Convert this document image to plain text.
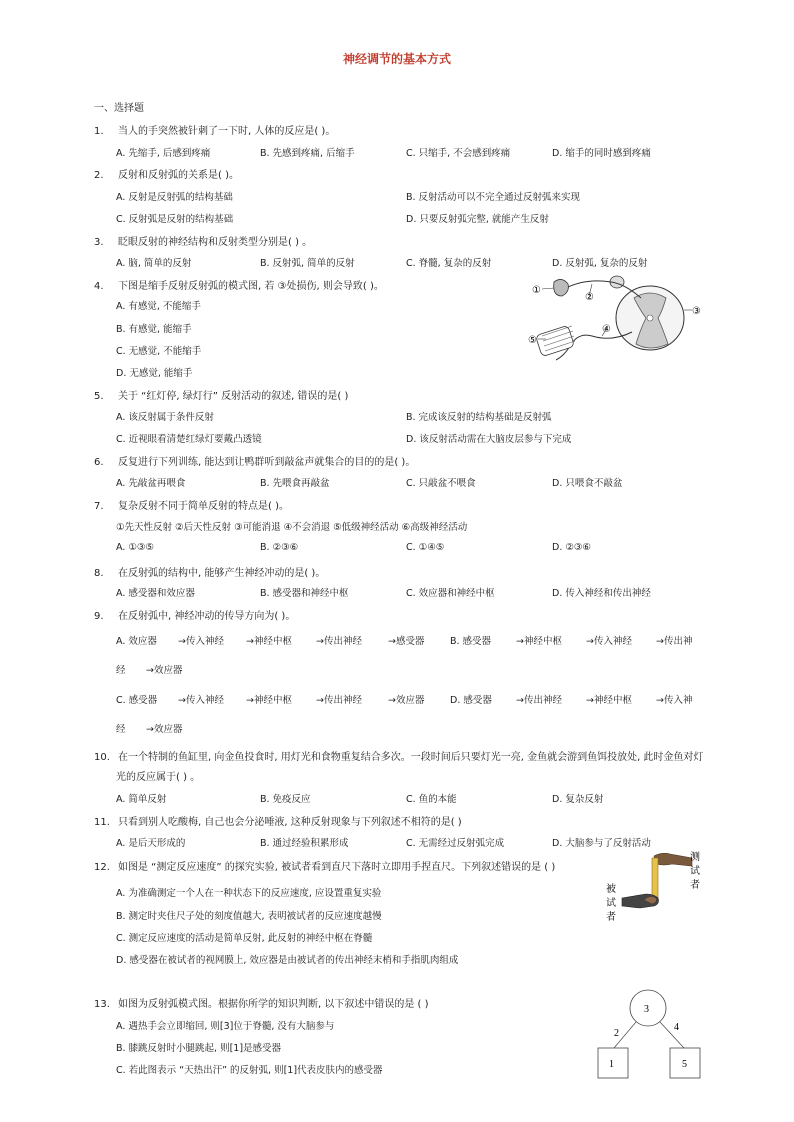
神经调节的基本方式
一、选择题
1. 当人的手突然被针刺了一下时, 人体的反应是( )。
A. 先缩手, 后感到疼痛	B. 先感到疼痛, 后缩手	C. 只缩手, 不会感到疼痛	D. 缩手的同时感到疼痛
2. 反射和反射弧的关系是( )。
A. 反射是反射弧的结构基础	B. 反射活动可以不完全通过反射弧来实现
C. 反射弧是反射的结构基础	D. 只要反射弧完整, 就能产生反射
3. 眨眼反射的神经结构和反射类型分别是( ) 。
A. 脑, 简单的反射	B. 反射弧, 简单的反射	C. 脊髓, 复杂的反射	D. 反射弧, 复杂的反射
4. 下图是缩手反射反射弧的模式图, 若 ③处损伤, 则会导致( )。
A. 有感觉, 不能缩手
B. 有感觉, 能缩手
C. 无感觉, 不能缩手
D. 无感觉, 能缩手
①
②
③
④
⑤
5. 关于 “红灯停, 绿灯行” 反射活动的叙述, 错误的是( )
A. 该反射属于条件反射	B. 完成该反射的结构基础是反射弧
C. 近视眼看清楚红绿灯要戴凸透镜	D. 该反射活动需在大脑皮层参与下完成
6. 反复进行下列训练, 能达到让鸭群听到敲盆声就集合的目的的是( )。
A. 先敲盆再喂食	B. 先喂食再敲盆	C. 只敲盆不喂食	D. 只喂食不敲盆
7. 复杂反射不同于简单反射的特点是( )。
①先天性反射 ②后天性反射 ③可能消退 ④不会消退 ⑤低级神经活动 ⑥高级神经活动
A. ①③⑤	B. ②③⑥	C. ①④⑤	D. ②③⑥
8. 在反射弧的结构中, 能够产生神经冲动的是( )。
A. 感受器和效应器	B. 感受器和神经中枢	C. 效应器和神经中枢	D. 传入神经和传出神经
9. 在反射弧中, 神经冲动的传导方向为( )。
A. 效应器 →传入神经 →神经中枢	→传出神经	→感受器	B. 感受器	→神经中枢	→传入神经	→传出神
经 →效应器
C. 感受器 →传入神经 →神经中枢	→传出神经	→效应器	D. 感受器	→传出神经	→神经中枢	→传入神
经 →效应器
10. 在一个特制的鱼缸里, 向金鱼投食时, 用灯光和食物重复结合多次。一段时间后只要灯光一亮, 金鱼就会游到鱼饵投放处, 此时金鱼对灯
光的反应属于( ) 。
A. 简单反射	B. 免疫反应	C. 鱼的本能	D. 复杂反射
11. 只看到别人吃酸梅, 自己也会分泌唾液, 这种反射现象与下列叙述不相符的是( )
A. 是后天形成的	B. 通过经验积累形成	C. 无需经过反射弧完成	D. 大脑参与了反射活动
12. 如图是 “测定反应速度” 的探究实验, 被试者看到直尺下落时立即用手捏直尺。下列叙述错误的是 ( )
A. 为准确测定一个人在一种状态下的反应速度, 应设置重复实验
B. 测定时夹住尺子处的刻度值越大, 表明被试者的反应速度越慢
C. 测定反应速度的活动是简单反射, 此反射的神经中枢在脊髓
D. 感受器在被试者的视网膜上, 效应器是由被试者的传出神经末梢和手指肌肉组成
测
试
者
被
试
者
13. 如图为反射弧模式图。根据你所学的知识判断, 以下叙述中错误的是 ( )
A. 遇热手会立即缩回, 则[3]位于脊髓, 没有大脑参与
B. 膝跳反射时小腿跳起, 则[1]是感受器
C. 若此图表示 “天热出汗” 的反射弧, 则[1]代表皮肤内的感受器
3
2
4
1	5
